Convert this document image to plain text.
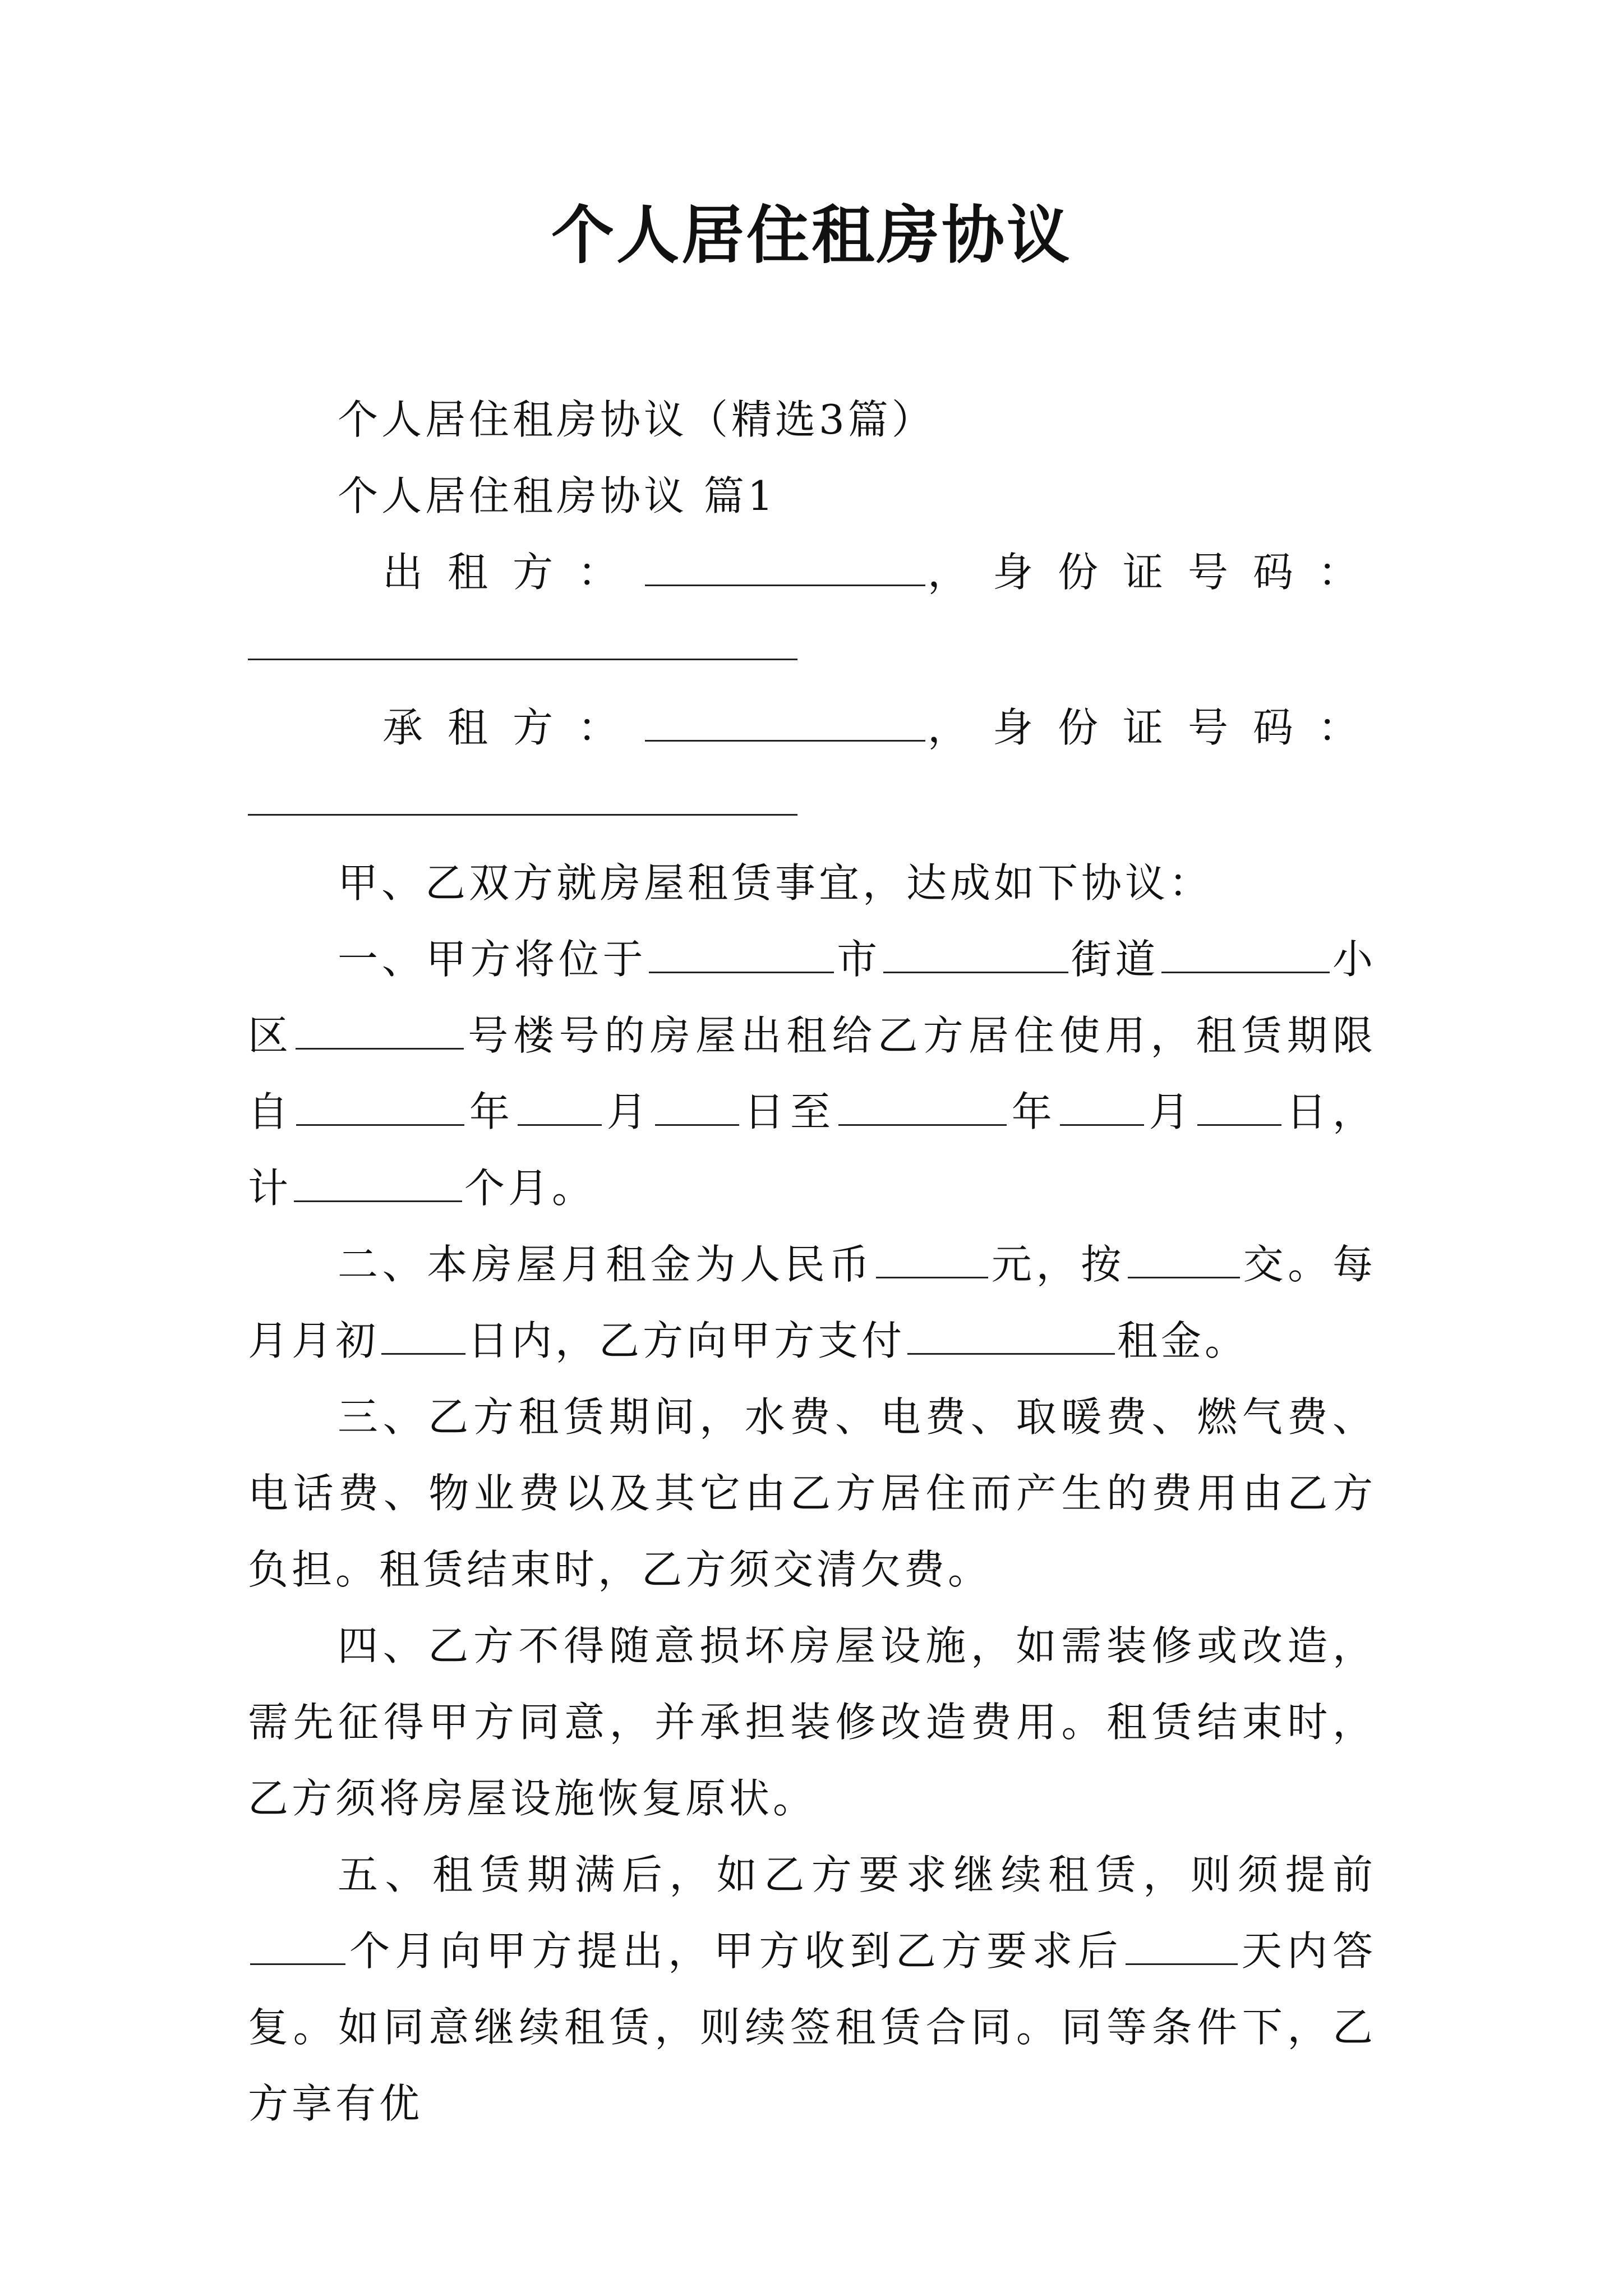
个人居住租房协议

个人居住租房协议（精选3篇）

个人居住租房协议 篇1

出租方：	，身份证号码：

承租方：	，身份证号码：

甲、乙双方就房屋租赁事宜，达成如下协议：

一、甲方将位于	市	街道	小区	号楼号的房屋出租给乙方居住使用，租赁期限自	年 月 日至	年 月 日，计	个月。

二、本房屋月租金为人民币	元，按	交。每月月初 日内，乙方向甲方支付	租金。

三、乙方租赁期间，水费、电费、取暖费、燃气费、电话费、物业费以及其它由乙方居住而产生的费用由乙方负担。租赁结束时，乙方须交清欠费。

四、乙方不得随意损坏房屋设施，如需装修或改造，需先征得甲方同意，并承担装修改造费用。租赁结束时，乙方须将房屋设施恢复原状。

五、租赁期满后，如乙方要求继续租赁，则须提前个月向甲方提出，甲方收到乙方要求后	天内答复。如同意继续租赁，则续签租赁合同。同等条件下，乙方享有优
